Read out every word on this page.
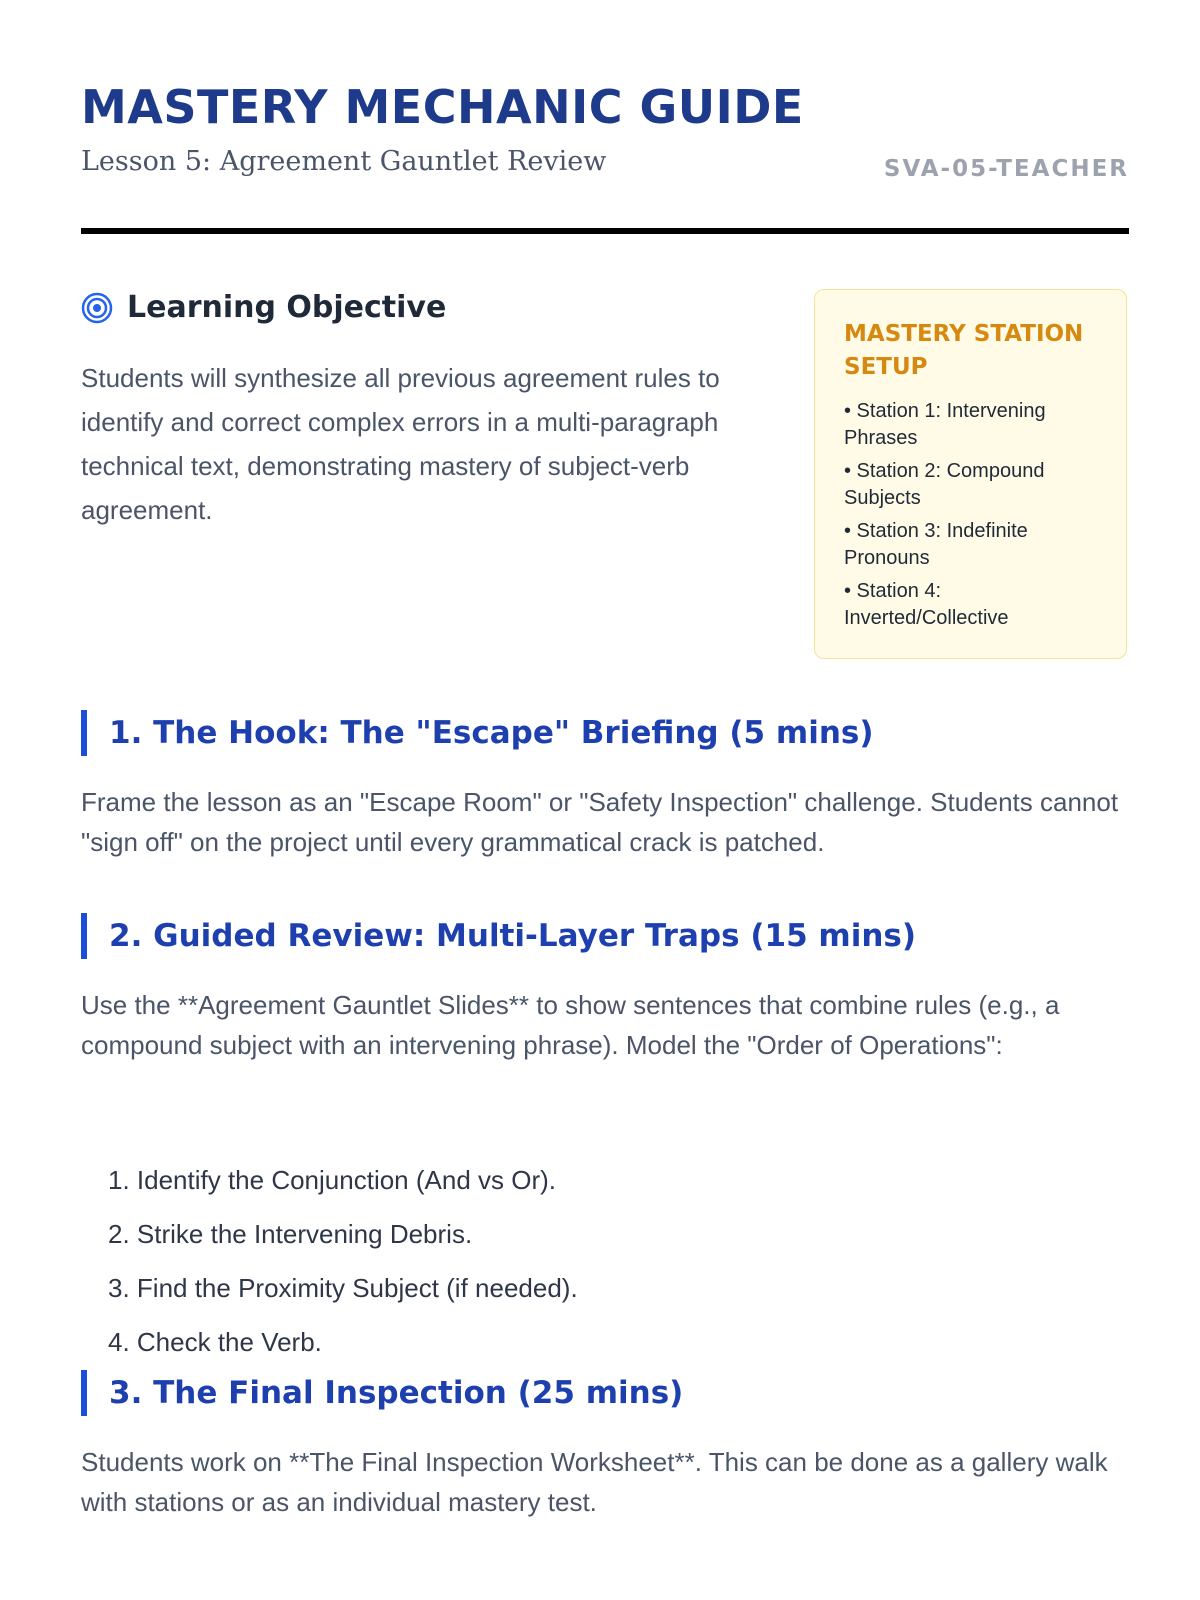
MASTERY MECHANIC GUIDE
Lesson 5: Agreement Gauntlet Review	SVA-05-TEACHER
Learning Objective

Students will synthesize all previous agreement rules to identify and correct complex errors in a multi-paragraph technical text, demonstrating mastery of subject-verb agreement.

MASTERY STATION SETUP
• Station 1: Intervening Phrases
• Station 2: Compound Subjects
• Station 3: Indefinite Pronouns
• Station 4: Inverted/Collective
1. The Hook: The "Escape" Briefing (5 mins)

Frame the lesson as an "Escape Room" or "Safety Inspection" challenge. Students cannot "sign off" on the project until every grammatical crack is patched.

2. Guided Review: Multi-Layer Traps (15 mins)

Use the **Agreement Gauntlet Slides** to show sentences that combine rules (e.g., a compound subject with an intervening phrase). Model the "Order of Operations":

1. Identify the Conjunction (And vs Or).
2. Strike the Intervening Debris.
3. Find the Proximity Subject (if needed).
4. Check the Verb.
3. The Final Inspection (25 mins)

Students work on **The Final Inspection Worksheet**. This can be done as a gallery walk with stations or as an individual mastery test.
